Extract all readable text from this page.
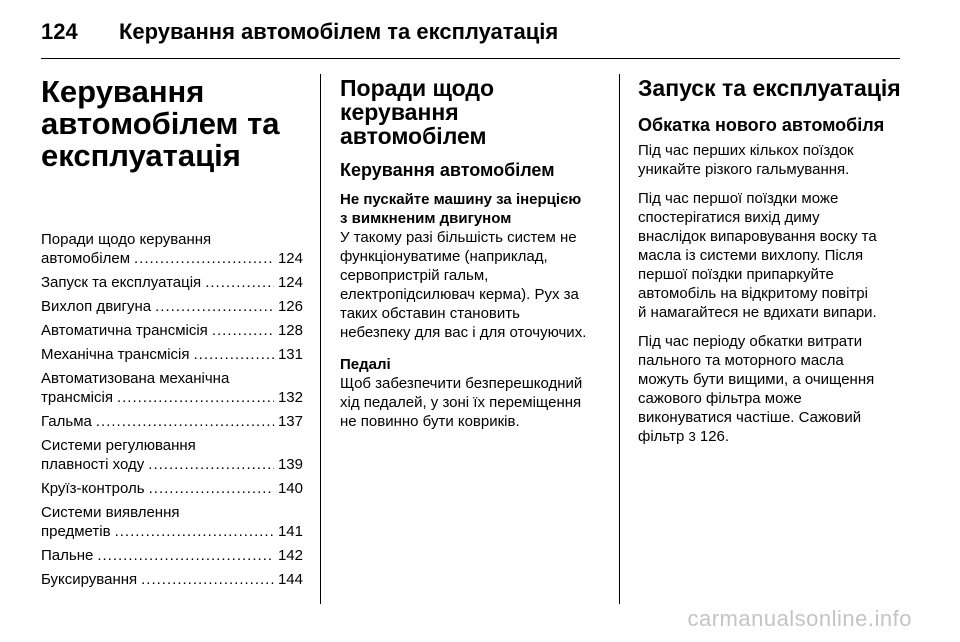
124	Керування автомобілем та експлуатація
Керування
автомобілем та
експлуатація
Поради щодо керування
автомобілем .....	124
Запуск та експлуатація .....	124
Вихлоп двигуна .....	126
Автоматична трансмісія .....	128
Механічна трансмісія .....	131
Автоматизована механічна
трансмісія .....	132
Гальма .....	137
Системи регулювання
плавності ходу .....	139
Круїз-контроль .....	140
Системи виявлення
предметів .....	141
Пальне .....	142
Буксирування .....	144
Поради щодо керування
автомобілем
Керування автомобілем
Не пускайте машину за інерцією
з вимкненим двигуном

У такому разі більшість систем не
функціонуватиме (наприклад,
сервопристрій гальм,
електропідсилювач керма). Рух за
таких обставин становить
небезпеку для вас і для оточуючих.

Педалі

Щоб забезпечити безперешкодний
хід педалей, у зоні їх переміщення
не повинно бути ковриків.

Запуск та експлуатація
Обкатка нового автомобіля

Під час перших кількох поїздок
уникайте різкого гальмування.

Під час першої поїздки може
спостерігатися вихід диму
внаслідок випаровування воску та
масла із системи вихлопу. Після
першої поїздки припаркуйте
автомобіль на відкритому повітрі
й намагайтеся не вдихати випари.

Під час періоду обкатки витрати
пального та моторного масла
можуть бути вищими, а очищення
сажового фільтра може
виконуватися частіше. Сажовий
фільтр 3 126.

carmanualsonline.info
